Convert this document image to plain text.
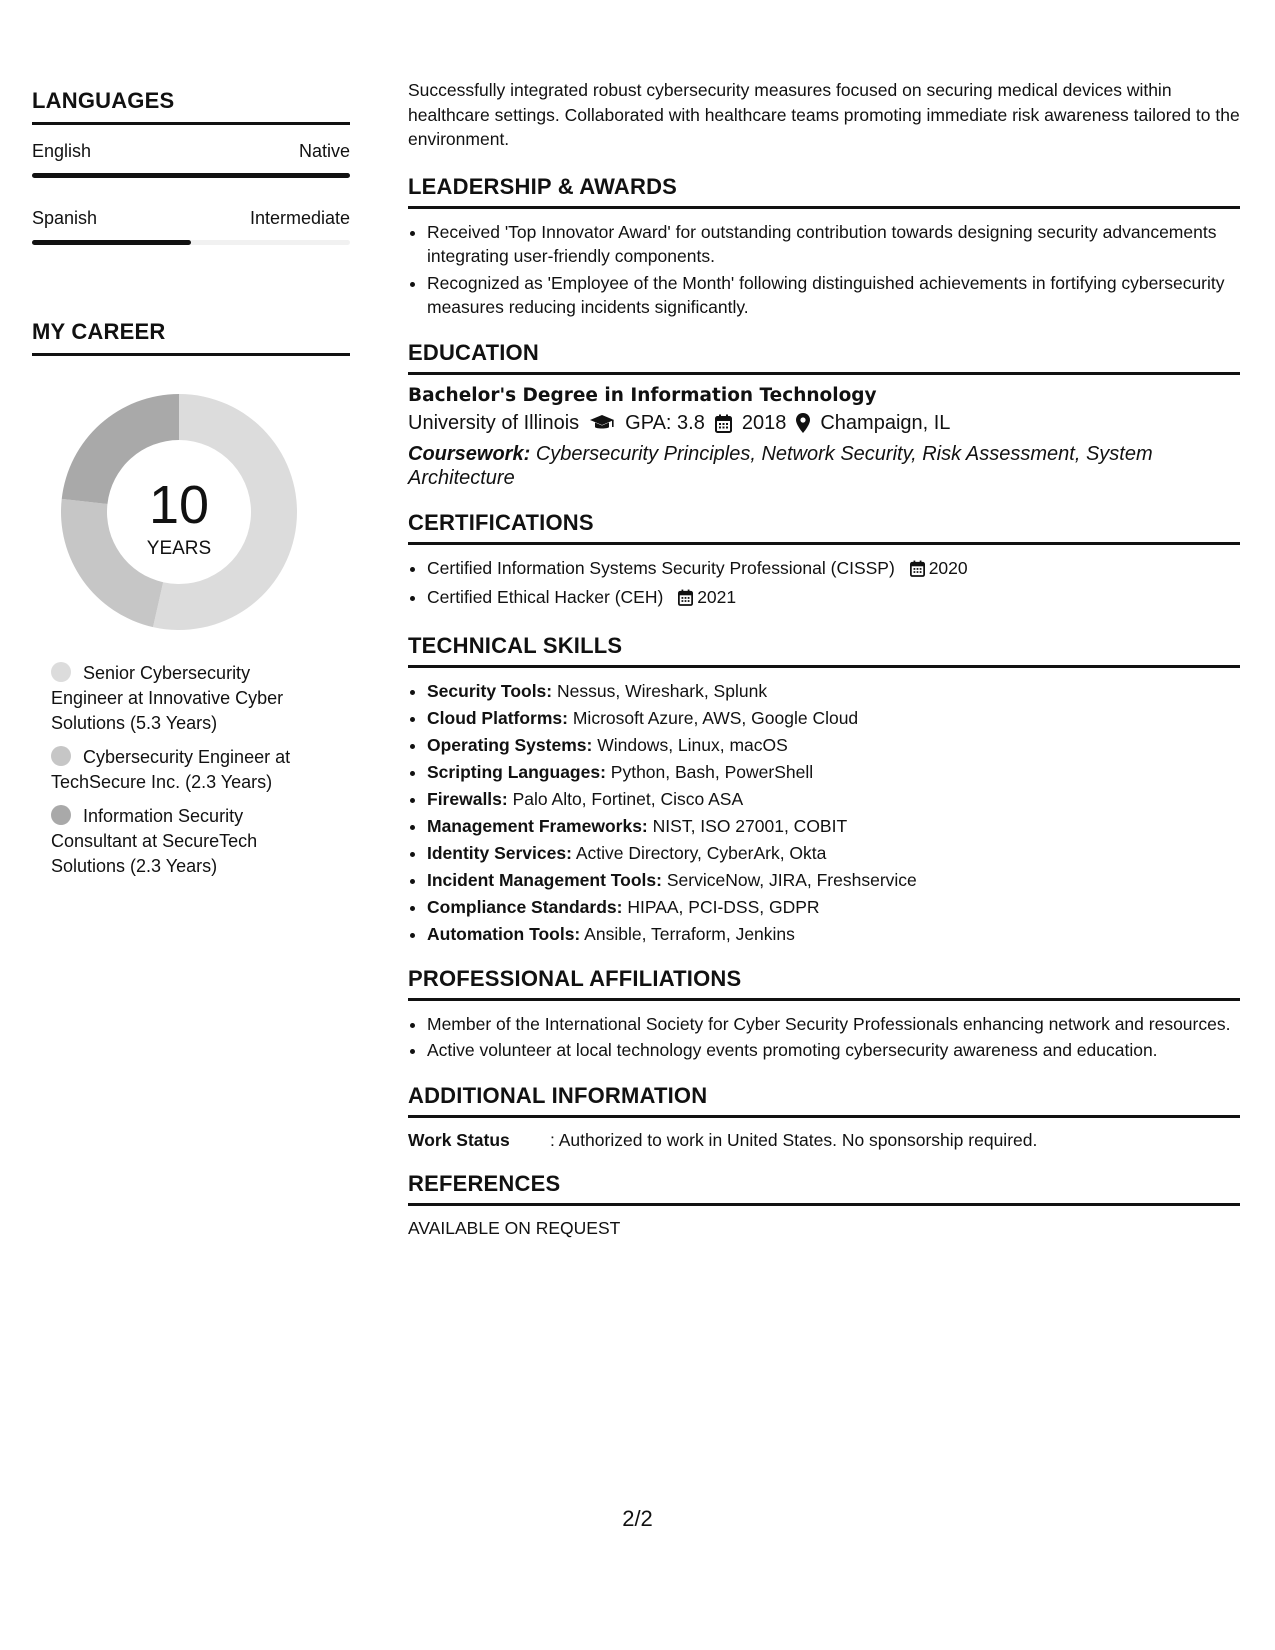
LANGUAGES
English	Native
Spanish	Intermediate
MY CAREER
10
YEARS
Senior Cybersecurity Engineer at Innovative Cyber Solutions (5.3 Years)
Cybersecurity Engineer at TechSecure Inc. (2.3 Years)
Information Security Consultant at SecureTech Solutions (2.3 Years)

Successfully integrated robust cybersecurity measures focused on securing medical devices within healthcare settings. Collaborated with healthcare teams promoting immediate risk awareness tailored to the environment.

LEADERSHIP & AWARDS
• Received 'Top Innovator Award' for outstanding contribution towards designing security advancements integrating user-friendly components.
• Recognized as 'Employee of the Month' following distinguished achievements in fortifying cybersecurity measures reducing incidents significantly.
EDUCATION
Bachelor's Degree in Information Technology
University of Illinois GPA: 3.8 2018 Champaign, IL
Coursework: Cybersecurity Principles, Network Security, Risk Assessment, System Architecture
CERTIFICATIONS
• Certified Information Systems Security Professional (CISSP) 2020
• Certified Ethical Hacker (CEH) 2021
TECHNICAL SKILLS
• Security Tools: Nessus, Wireshark, Splunk
• Cloud Platforms: Microsoft Azure, AWS, Google Cloud
• Operating Systems: Windows, Linux, macOS
• Scripting Languages: Python, Bash, PowerShell
• Firewalls: Palo Alto, Fortinet, Cisco ASA
• Management Frameworks: NIST, ISO 27001, COBIT
• Identity Services: Active Directory, CyberArk, Okta
• Incident Management Tools: ServiceNow, JIRA, Freshservice
• Compliance Standards: HIPAA, PCI-DSS, GDPR
• Automation Tools: Ansible, Terraform, Jenkins
PROFESSIONAL AFFILIATIONS
• Member of the International Society for Cyber Security Professionals enhancing network and resources.
• Active volunteer at local technology events promoting cybersecurity awareness and education.
ADDITIONAL INFORMATION
Work Status	: Authorized to work in United States. No sponsorship required.
REFERENCES
AVAILABLE ON REQUEST
2/2
